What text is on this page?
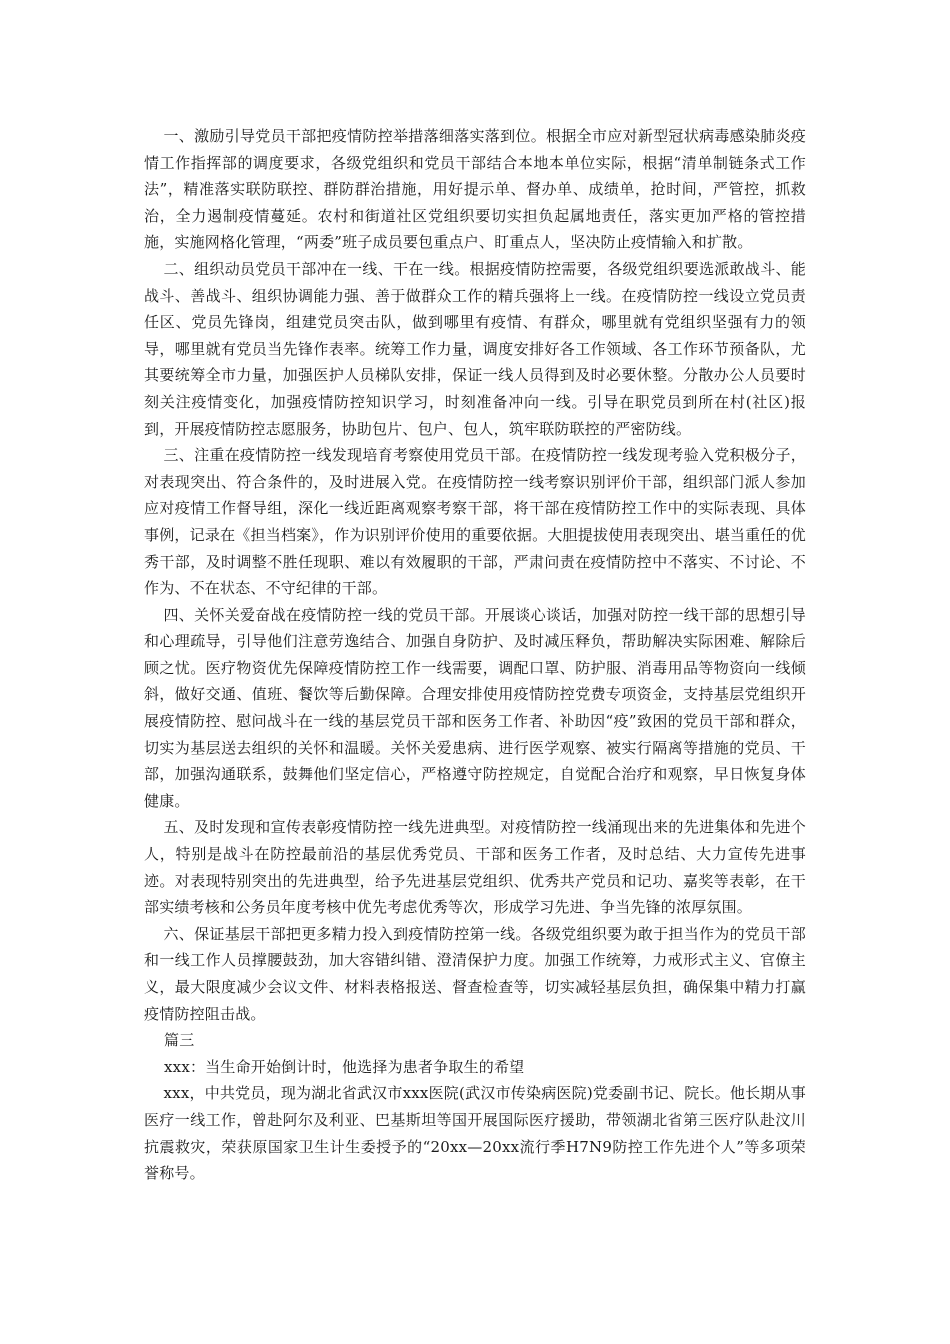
一、激励引导党员干部把疫情防控举措落细落实落到位。根据全市应对新型冠状病毒感染肺炎疫情工作指挥部的调度要求，各级党组织和党员干部结合本地本单位实际，根据“清单制链条式工作法”，精准落实联防联控、群防群治措施，用好提示单、督办单、成绩单，抢时间，严管控，抓救治，全力遏制疫情蔓延。农村和街道社区党组织要切实担负起属地责任，落实更加严格的管控措施，实施网格化管理，“两委”班子成员要包重点户、盯重点人，坚决防止疫情输入和扩散。

二、组织动员党员干部冲在一线、干在一线。根据疫情防控需要，各级党组织要选派敢战斗、能战斗、善战斗、组织协调能力强、善于做群众工作的精兵强将上一线。在疫情防控一线设立党员责任区、党员先锋岗，组建党员突击队，做到哪里有疫情、有群众，哪里就有党组织坚强有力的领导，哪里就有党员当先锋作表率。统筹工作力量，调度安排好各工作领域、各工作环节预备队，尤其要统筹全市力量，加强医护人员梯队安排，保证一线人员得到及时必要休整。分散办公人员要时刻关注疫情变化，加强疫情防控知识学习，时刻准备冲向一线。引导在职党员到所在村(社区)报到，开展疫情防控志愿服务，协助包片、包户、包人，筑牢联防联控的严密防线。

三、注重在疫情防控一线发现培育考察使用党员干部。在疫情防控一线发现考验入党积极分子，对表现突出、符合条件的，及时进展入党。在疫情防控一线考察识别评价干部，组织部门派人参加应对疫情工作督导组，深化一线近距离观察考察干部，将干部在疫情防控工作中的实际表现、具体事例，记录在《担当档案》，作为识别评价使用的重要依据。大胆提拔使用表现突出、堪当重任的优秀干部，及时调整不胜任现职、难以有效履职的干部，严肃问责在疫情防控中不落实、不讨论、不作为、不在状态、不守纪律的干部。

四、关怀关爱奋战在疫情防控一线的党员干部。开展谈心谈话，加强对防控一线干部的思想引导和心理疏导，引导他们注意劳逸结合、加强自身防护、及时减压释负，帮助解决实际困难、解除后顾之忧。医疗物资优先保障疫情防控工作一线需要，调配口罩、防护服、消毒用品等物资向一线倾斜，做好交通、值班、餐饮等后勤保障。合理安排使用疫情防控党费专项资金，支持基层党组织开展疫情防控、慰问战斗在一线的基层党员干部和医务工作者、补助因“疫”致困的党员干部和群众，切实为基层送去组织的关怀和温暖。关怀关爱患病、进行医学观察、被实行隔离等措施的党员、干部，加强沟通联系，鼓舞他们坚定信心，严格遵守防控规定，自觉配合治疗和观察，早日恢复身体健康。

五、及时发现和宣传表彰疫情防控一线先进典型。对疫情防控一线涌现出来的先进集体和先进个人，特别是战斗在防控最前沿的基层优秀党员、干部和医务工作者，及时总结、大力宣传先进事迹。对表现特别突出的先进典型，给予先进基层党组织、优秀共产党员和记功、嘉奖等表彰，在干部实绩考核和公务员年度考核中优先考虑优秀等次，形成学习先进、争当先锋的浓厚氛围。

六、保证基层干部把更多精力投入到疫情防控第一线。各级党组织要为敢于担当作为的党员干部和一线工作人员撑腰鼓劲，加大容错纠错、澄清保护力度。加强工作统筹，力戒形式主义、官僚主义，最大限度减少会议文件、材料表格报送、督查检查等，切实减轻基层负担，确保集中精力打赢疫情防控阻击战。

篇三

xxx：当生命开始倒计时，他选择为患者争取生的希望

xxx，中共党员，现为湖北省武汉市xxx医院(武汉市传染病医院)党委副书记、院长。他长期从事医疗一线工作，曾赴阿尔及利亚、巴基斯坦等国开展国际医疗援助，带领湖北省第三医疗队赴汶川抗震救灾，荣获原国家卫生计生委授予的“20xx—20xx流行季H7N9防控工作先进个人”等多项荣誉称号。
